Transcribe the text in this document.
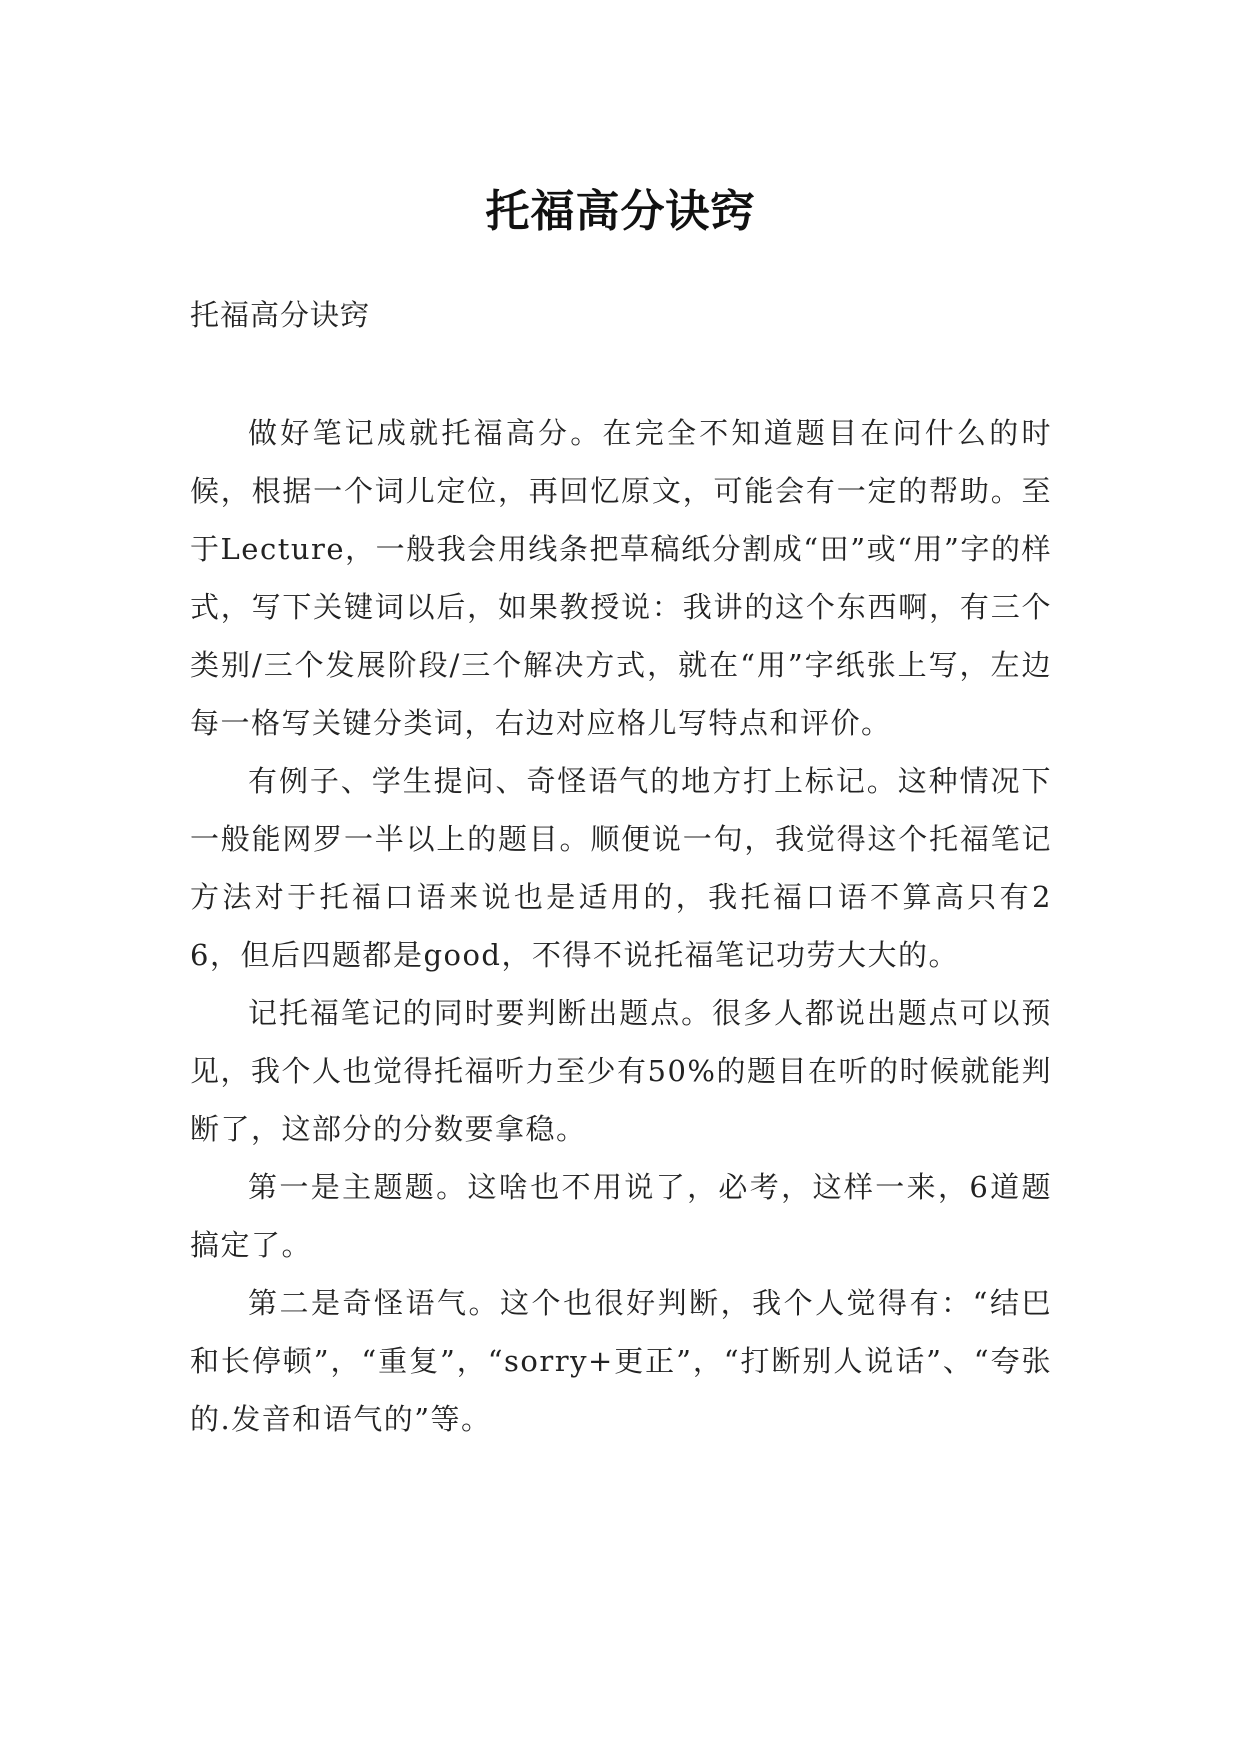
托福高分诀窍
托福高分诀窍

做好笔记成就托福高分。在完全不知道题目在问什么的时候，根据一个词儿定位，再回忆原文，可能会有一定的帮助。至于Lecture，一般我会用线条把草稿纸分割成“田”或“用”字的样式，写下关键词以后，如果教授说：我讲的这个东西啊，有三个类别/三个发展阶段/三个解决方式，就在“用”字纸张上写，左边每一格写关键分类词，右边对应格儿写特点和评价。

有例子、学生提问、奇怪语气的地方打上标记。这种情况下一般能网罗一半以上的题目。顺便说一句，我觉得这个托福笔记方法对于托福口语来说也是适用的，我托福口语不算高只有26，但后四题都是good，不得不说托福笔记功劳大大的。

记托福笔记的同时要判断出题点。很多人都说出题点可以预见，我个人也觉得托福听力至少有50%的题目在听的时候就能判断了，这部分的分数要拿稳。

第一是主题题。这啥也不用说了，必考，这样一来，6道题搞定了。

第二是奇怪语气。这个也很好判断，我个人觉得有：“结巴和长停顿”，“重复”，“sorry+更正”，“打断别人说话”、“夸张的.发音和语气的”等。
